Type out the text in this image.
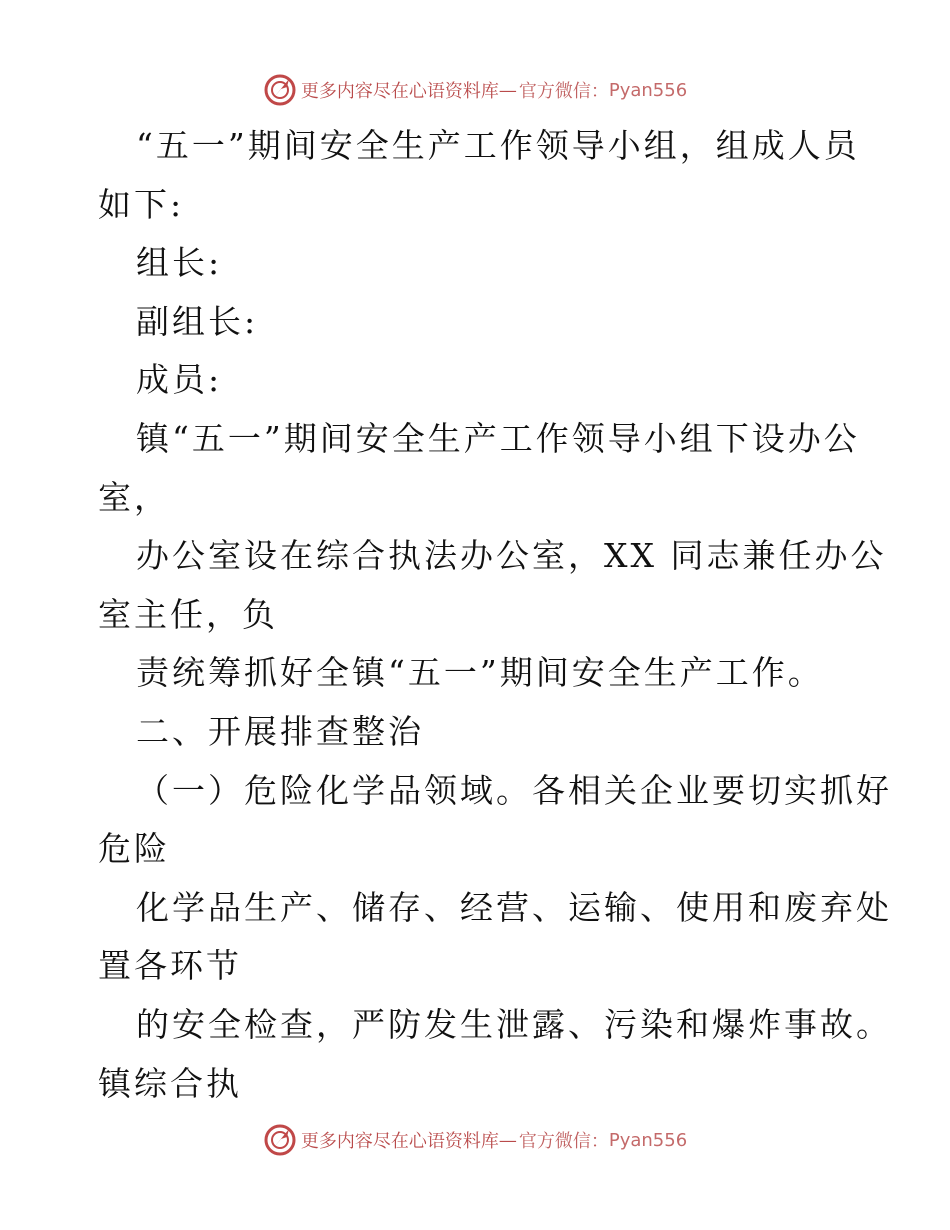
更多内容尽在心语资料库 — 官方微信： Pyan556
“五一”期间安全生产工作领导小组，组成人员
如下:
组长:
副组长:
成员:
镇“五一”期间安全生产工作领导小组下设办公
室，
办公室设在综合执法办公室，XX 同志兼任办公
室主任，负
责统筹抓好全镇“五一”期间安全生产工作。
二、开展排查整治
（一）危险化学品领域。各相关企业要切实抓好
危险
化学品生产、储存、经营、运输、使用和废弃处
置各环节
的安全检查，严防发生泄露、污染和爆炸事故。
镇综合执
更多内容尽在心语资料库 — 官方微信： Pyan556
